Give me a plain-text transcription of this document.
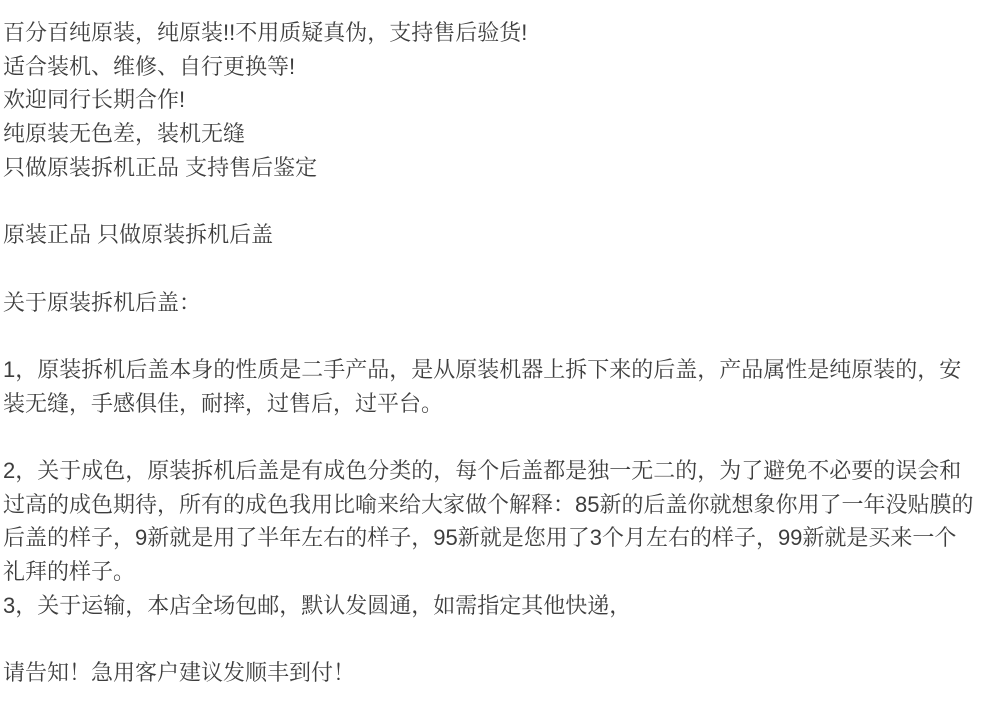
百分百纯原装，纯原装!!不用质疑真伪，支持售后验货!
适合装机、维修、自行更换等!
欢迎同行长期合作!
纯原装无色差，装机无缝
只做原装拆机正品 支持售后鉴定
原装正品 只做原装拆机后盖
关于原装拆机后盖：
1，原装拆机后盖本身的性质是二手产品，是从原装机器上拆下来的后盖，产品属性是纯原装的，安
装无缝，手感俱佳，耐摔，过售后，过平台。
2，关于成色，原装拆机后盖是有成色分类的，每个后盖都是独一无二的，为了避免不必要的误会和
过高的成色期待，所有的成色我用比喻来给大家做个解释：85新的后盖你就想象你用了一年没贴膜的
后盖的样子，9新就是用了半年左右的样子，95新就是您用了3个月左右的样子，99新就是买来一个
礼拜的样子。
3，关于运输，本店全场包邮，默认发圆通，如需指定其他快递，
请告知！急用客户建议发顺丰到付！
